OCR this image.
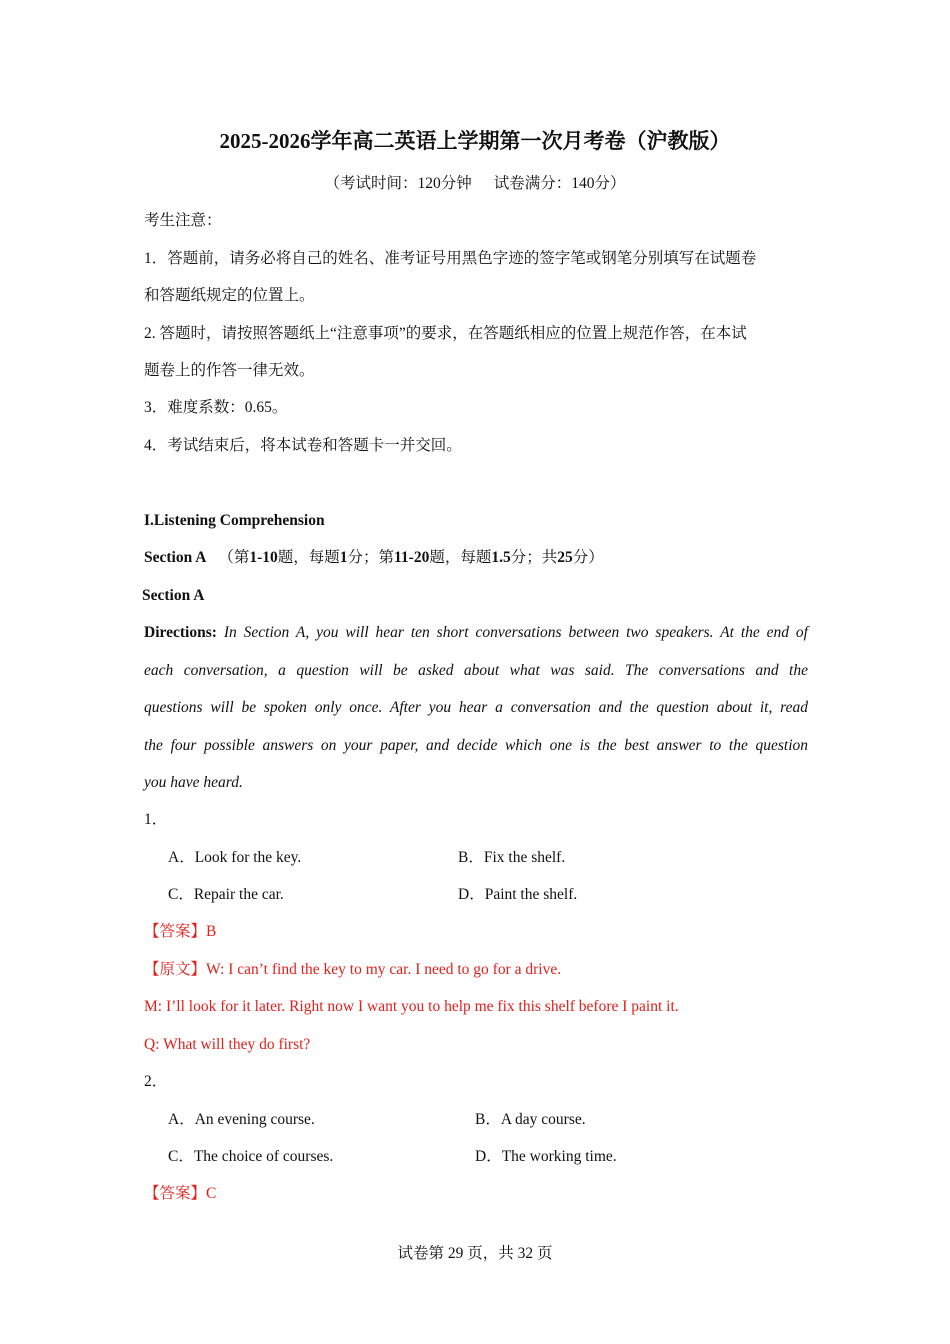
2025-2026学年高二英语上学期第一次月考卷（沪教版）
（考试时间：120分钟 试卷满分：140分）
考生注意：
1．答题前，请务必将自己的姓名、准考证号用黑色字迹的签字笔或钢笔分别填写在试题卷
和答题纸规定的位置上。
2. 答题时，请按照答题纸上“注意事项”的要求，在答题纸相应的位置上规范作答，在本试
题卷上的作答一律无效。
3．难度系数：0.65。
4．考试结束后，将本试卷和答题卡一并交回。
I.Listening Comprehension
Section A （第1-10题，每题1分；第11-20题，每题1.5分；共25分）
Section A
Directions: In Section A, you will hear ten short conversations between two speakers. At the end of
each conversation, a question will be asked about what was said. The conversations and the
questions will be spoken only once. After you hear a conversation and the question about it, read
the four possible answers on your paper, and decide which one is the best answer to the question
you have heard.
1．
A．Look for the key.	B．Fix the shelf.
C．Repair the car.	D．Paint the shelf.
【答案】B
【原文】W: I can’t find the key to my car. I need to go for a drive.
M: I’ll look for it later. Right now I want you to help me fix this shelf before I paint it.
Q: What will they do first?
2．
A．An evening course.	B．A day course.
C．The choice of courses.	D．The working time.
【答案】C
试卷第 29 页，共 32 页
